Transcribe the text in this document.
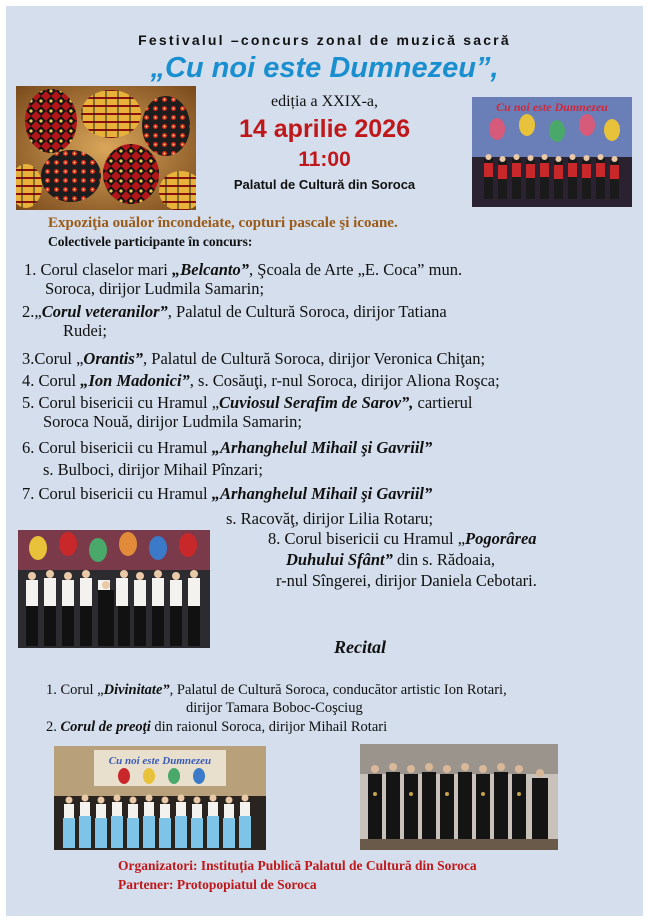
Festivalul –concurs zonal de muzică sacră
„Cu noi este Dumnezeu”,
ediția a XXIX-a,
14 aprilie 2026
11:00
Palatul de Cultură din Soroca
Cu noi este Dumnezeu
Expoziţia ouălor încondeiate, copturi pascale şi icoane.
Colectivele participante în concurs:
1. Corul claselor mari „Belcanto”, Şcoala de Arte „E. Coca” mun.
Soroca, dirijor Ludmila Samarin;
2.„Corul veteranilor”, Palatul de Cultură Soroca, dirijor Tatiana
Rudei;
3.Corul „Orantis”, Palatul de Cultură Soroca, dirijor Veronica Chiţan;
4. Corul „Ion Madonici”, s. Cosăuţi, r-nul Soroca, dirijor Aliona Roşca;
5. Corul bisericii cu Hramul „Cuviosul Serafim de Sarov”, cartierul
Soroca Nouă, dirijor Ludmila Samarin;
6. Corul bisericii cu Hramul „Arhanghelul Mihail şi Gavriil”
s. Bulboci, dirijor Mihail Pînzari;
7. Corul bisericii cu Hramul „Arhanghelul Mihail şi Gavriil”
s. Racovăţ, dirijor Lilia Rotaru;
8. Corul bisericii cu Hramul „Pogorârea
Duhului Sfânt” din s. Rădoaia,
r-nul Sîngerei, dirijor Daniela Cebotari.
Recital
1. Corul „Divinitate”, Palatul de Cultură Soroca, conducător artistic Ion Rotari,
dirijor Tamara Boboc-Coşciug
2. Corul de preoţi din raionul Soroca, dirijor Mihail Rotari
Cu noi este Dumnezeu
Organizatori: Instituția Publică Palatul de Cultură din Soroca
Partener: Protopopiatul de Soroca
